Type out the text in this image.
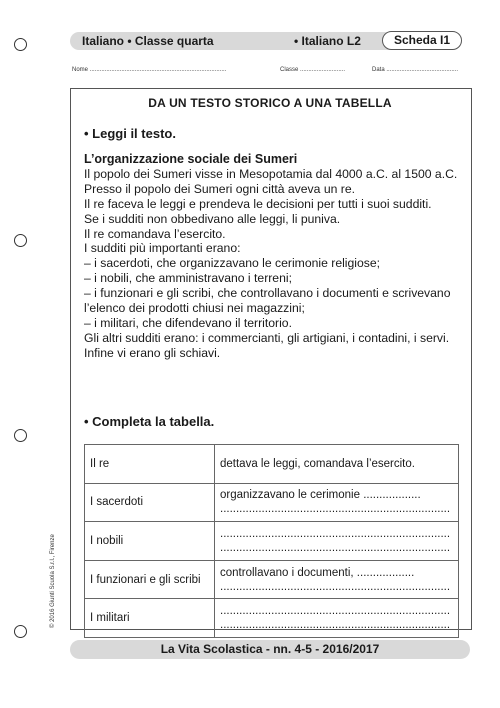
Italiano • Classe quarta	• Italiano L2	Scheda I1
Nome ..................................................................................	Classe ...........................	Data ...........................................
DA UN TESTO STORICO A UNA TABELLA
• Leggi il testo.

L’organizzazione sociale dei Sumeri

Il popolo dei Sumeri visse in Mesopotamia dal 4000 a.C. al 1500 a.C.

Presso il popolo dei Sumeri ogni città aveva un re.

Il re faceva le leggi e prendeva le decisioni per tutti i suoi sudditi.

Se i sudditi non obbedivano alle leggi, li puniva.

Il re comandava l’esercito.

I sudditi più importanti erano:

– i sacerdoti, che organizzavano le cerimonie religiose;

– i nobili, che amministravano i terreni;

– i funzionari e gli scribi, che controllavano i documenti e scrivevano l’elenco dei prodotti chiusi nei magazzini;

– i militari, che difendevano il territorio.

Gli altri sudditi erano: i commercianti, gli artigiani, i contadini, i servi.

Infine vi erano gli schiavi.

• Completa la tabella.
Il re	dettava le leggi, comandava l’esercito.

I sacerdoti	organizzavano le cerimonie ..................
........................................................................

I nobili	........................................................................
........................................................................

I funzionari e gli scribi	controllavano i documenti, ..................
........................................................................

I militari	........................................................................
........................................................................
© 2016 Giunti Scuola S.r.l., Firenze
La Vita Scolastica - nn. 4-5 - 2016/2017
